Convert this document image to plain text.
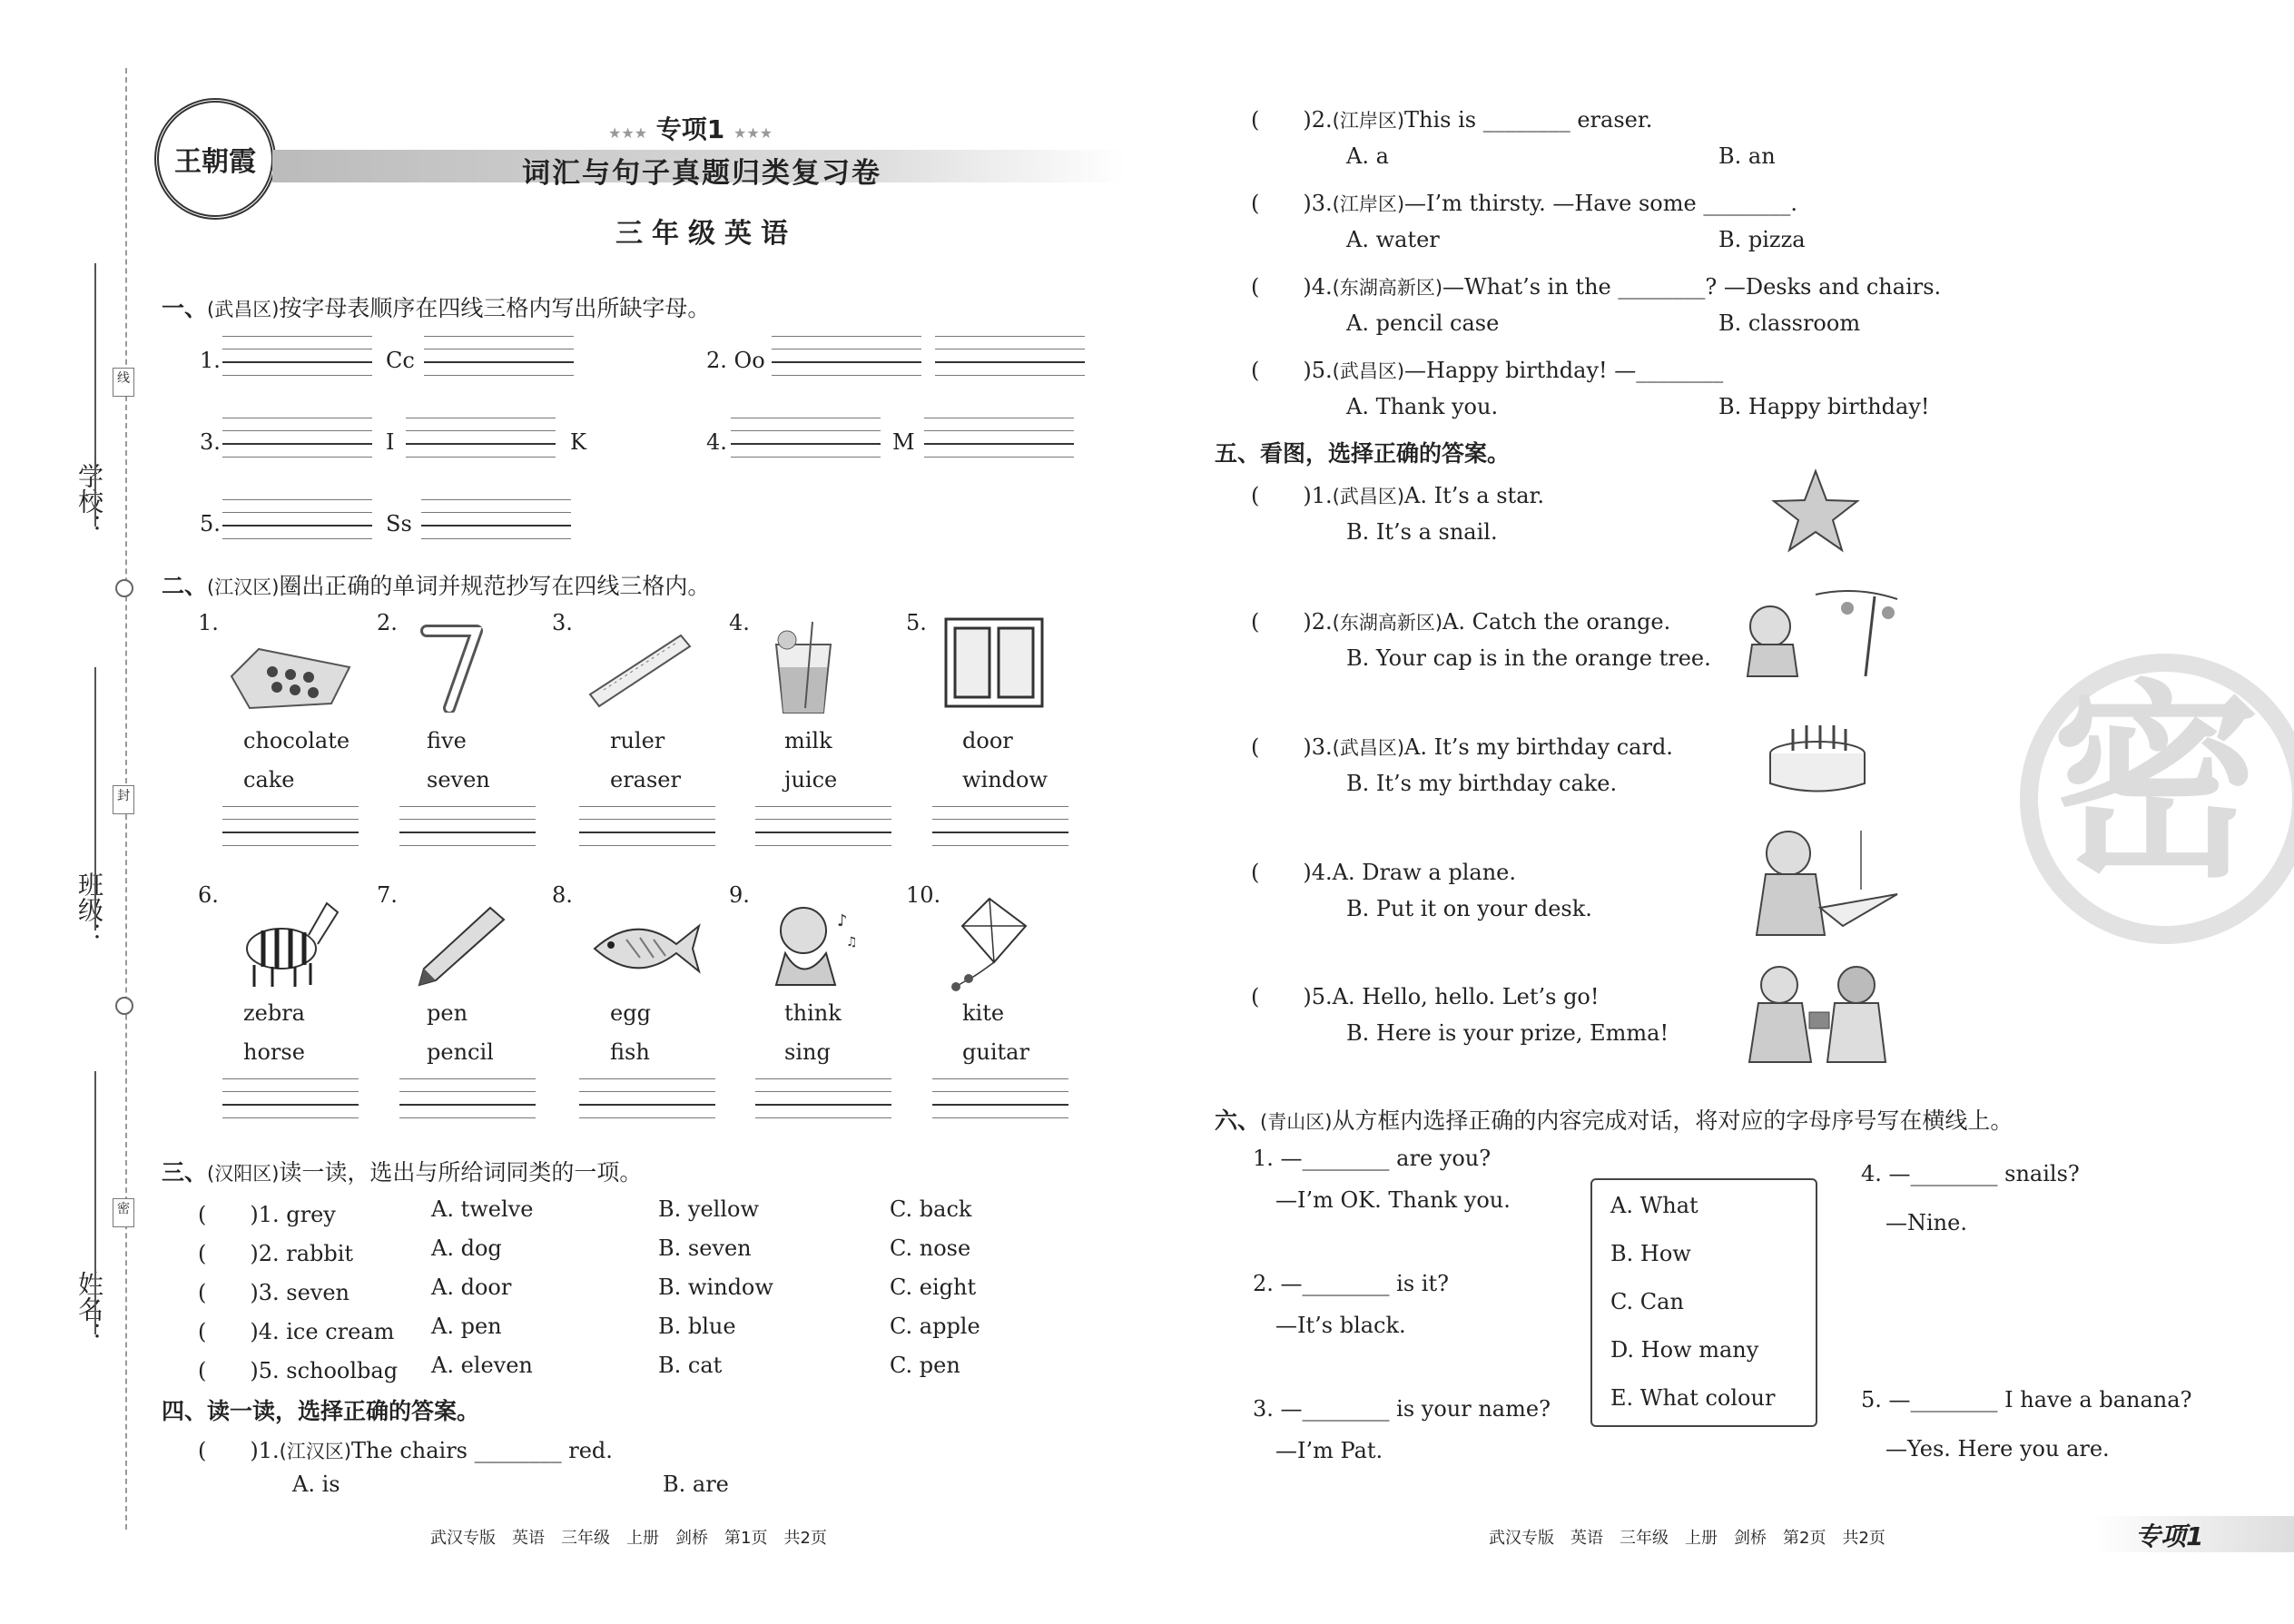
学校：
班级：
姓名：
线
封
密
王朝霞
★★★ 专项1 ★★★
词汇与句子真题归类复习卷
三年级英语
一、(武昌区)按字母表顺序在四线三格内写出所缺字母。
1.	Cc	2. Oo
3.	I	K	4.	M
5.	Ss
二、(江汉区)圈出正确的单词并规范抄写在四线三格内。
1.	2.	3.	4.	5.
chocolate
cake
five
seven
ruler
eraser
milk
juice
door
window
6.	7.	8.	9.	10.
♪
♫
zebra
horse
pen
pencil
egg
fish
think
sing
kite
guitar
三、(汉阳区)读一读，选出与所给词同类的一项。
(　　)1. grey	A. twelve	B. yellow	C. back
(　　)2. rabbit	A. dog	B. seven	C. nose
(　　)3. seven	A. door	B. window	C. eight
(　　)4. ice cream A. pen	B. blue	C. apple
(　　)5. schoolbag A. eleven	B. cat	C. pen
四、读一读，选择正确的答案。
(　　)1.(江汉区)The chairs ________ red.
A. is	B. are
(　　)2.(江岸区)This is ________ eraser.
A. a	B. an
(　　)3.(江岸区)—I’m thirsty. —Have some ________.
A. water	B. pizza
(　　)4.(东湖高新区)—What’s in the ________? —Desks and chairs.
A. pencil case	B. classroom
(　　)5.(武昌区)—Happy birthday! —________
A. Thank you.	B. Happy birthday!
五、看图，选择正确的答案。
(　　)1.(武昌区)A. It’s a star.
B. It’s a snail.
(　　)2.(东湖高新区)A. Catch the orange.
B. Your cap is in the orange tree.
(　　)3.(武昌区)A. It’s my birthday card.
B. It’s my birthday cake.
(　　)4.A. Draw a plane.
B. Put it on your desk.
(　　)5.A. Hello, hello. Let’s go!
B. Here is your prize, Emma!
六、(青山区)从方框内选择正确的内容完成对话，将对应的字母序号写在横线上。
1. —________ are you?
—I’m OK. Thank you.
2. —________ is it?
—It’s black.
3. —________ is your name?
—I’m Pat.
A. What
B. How
C. Can
D. How many
E. What colour
4. —________ snails?
—Nine.
5. —________ I have a banana?
—Yes. Here you are.
密
武汉专版　英语　三年级　上册　剑桥　第1页　共2页	武汉专版　英语　三年级　上册　剑桥　第2页　共2页	专项1
